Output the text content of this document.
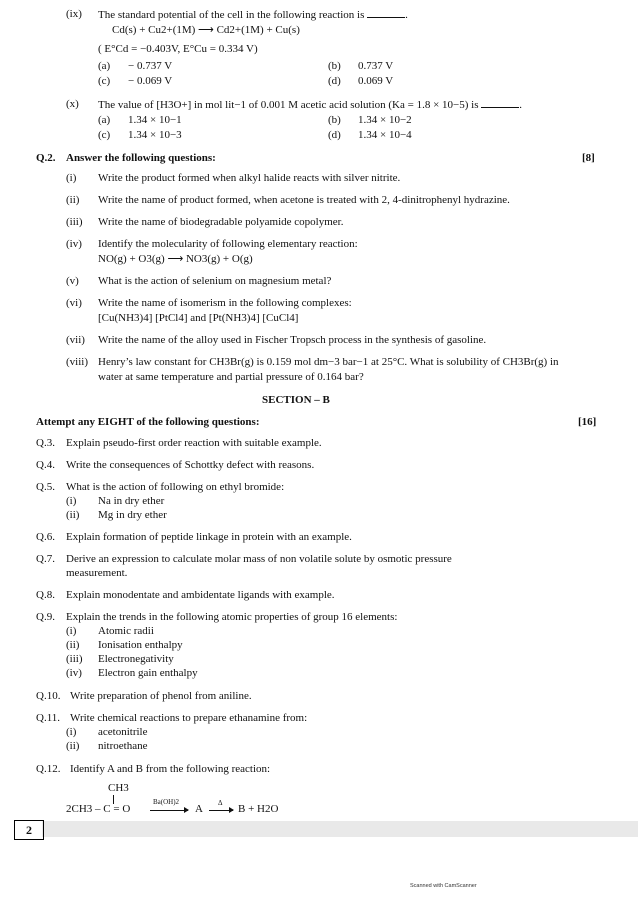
(ix) The standard potential of the cell in the following reaction is	.
Cd(s) + Cu2+(1M) ⟶ Cd2+(1M) + Cu(s)
( E°Cd = −0.403V, E°Cu = 0.334 V)
(a) − 0.737 V	(b) 0.737 V
(c) − 0.069 V	(d) 0.069 V
(x) The value of [H3O+] in mol lit−1 of 0.001 M acetic acid solution (Ka = 1.8 × 10−5) is	.
(a) 1.34 × 10−1	(b) 1.34 × 10−2
(c) 1.34 × 10−3	(d) 1.34 × 10−4
Q.2. Answer the following questions:	[8]
(i) Write the product formed when alkyl halide reacts with silver nitrite.
(ii) Write the name of product formed, when acetone is treated with 2, 4-dinitrophenyl hydrazine.
(iii) Write the name of biodegradable polyamide copolymer.
(iv) Identify the molecularity of following elementary reaction:
NO(g) + O3(g) ⟶ NO3(g) + O(g)
(v) What is the action of selenium on magnesium metal?
(vi) Write the name of isomerism in the following complexes:
[Cu(NH3)4] [PtCl4] and [Pt(NH3)4] [CuCl4]
(vii) Write the name of the alloy used in Fischer Tropsch process in the synthesis of gasoline.
(viii) Henry’s law constant for CH3Br(g) is 0.159 mol dm−3 bar−1 at 25°C. What is solubility of CH3Br(g) in
water at same temperature and partial pressure of 0.164 bar?
SECTION – B
Attempt any EIGHT of the following questions:	[16]
Q.3. Explain pseudo-first order reaction with suitable example.
Q.4. Write the consequences of Schottky defect with reasons.
Q.5. What is the action of following on ethyl bromide:
(i) Na in dry ether
(ii) Mg in dry ether
Q.6. Explain formation of peptide linkage in protein with an example.
Q.7. Derive an expression to calculate molar mass of non volatile solute by osmotic pressure
measurement.
Q.8. Explain monodentate and ambidentate ligands with example.
Q.9. Explain the trends in the following atomic properties of group 16 elements:
(i) Atomic radii
(ii) Ionisation enthalpy
(iii) Electronegativity
(iv) Electron gain enthalpy
Q.10. Write preparation of phenol from aniline.
Q.11. Write chemical reactions to prepare ethanamine from:
(i) acetonitrile
(ii) nitroethane
Q.12. Identify A and B from the following reaction:
CH3
2CH3 – C = O
Ba(OH)2
A Δ B + H2O
2
Scanned with CamScanner
